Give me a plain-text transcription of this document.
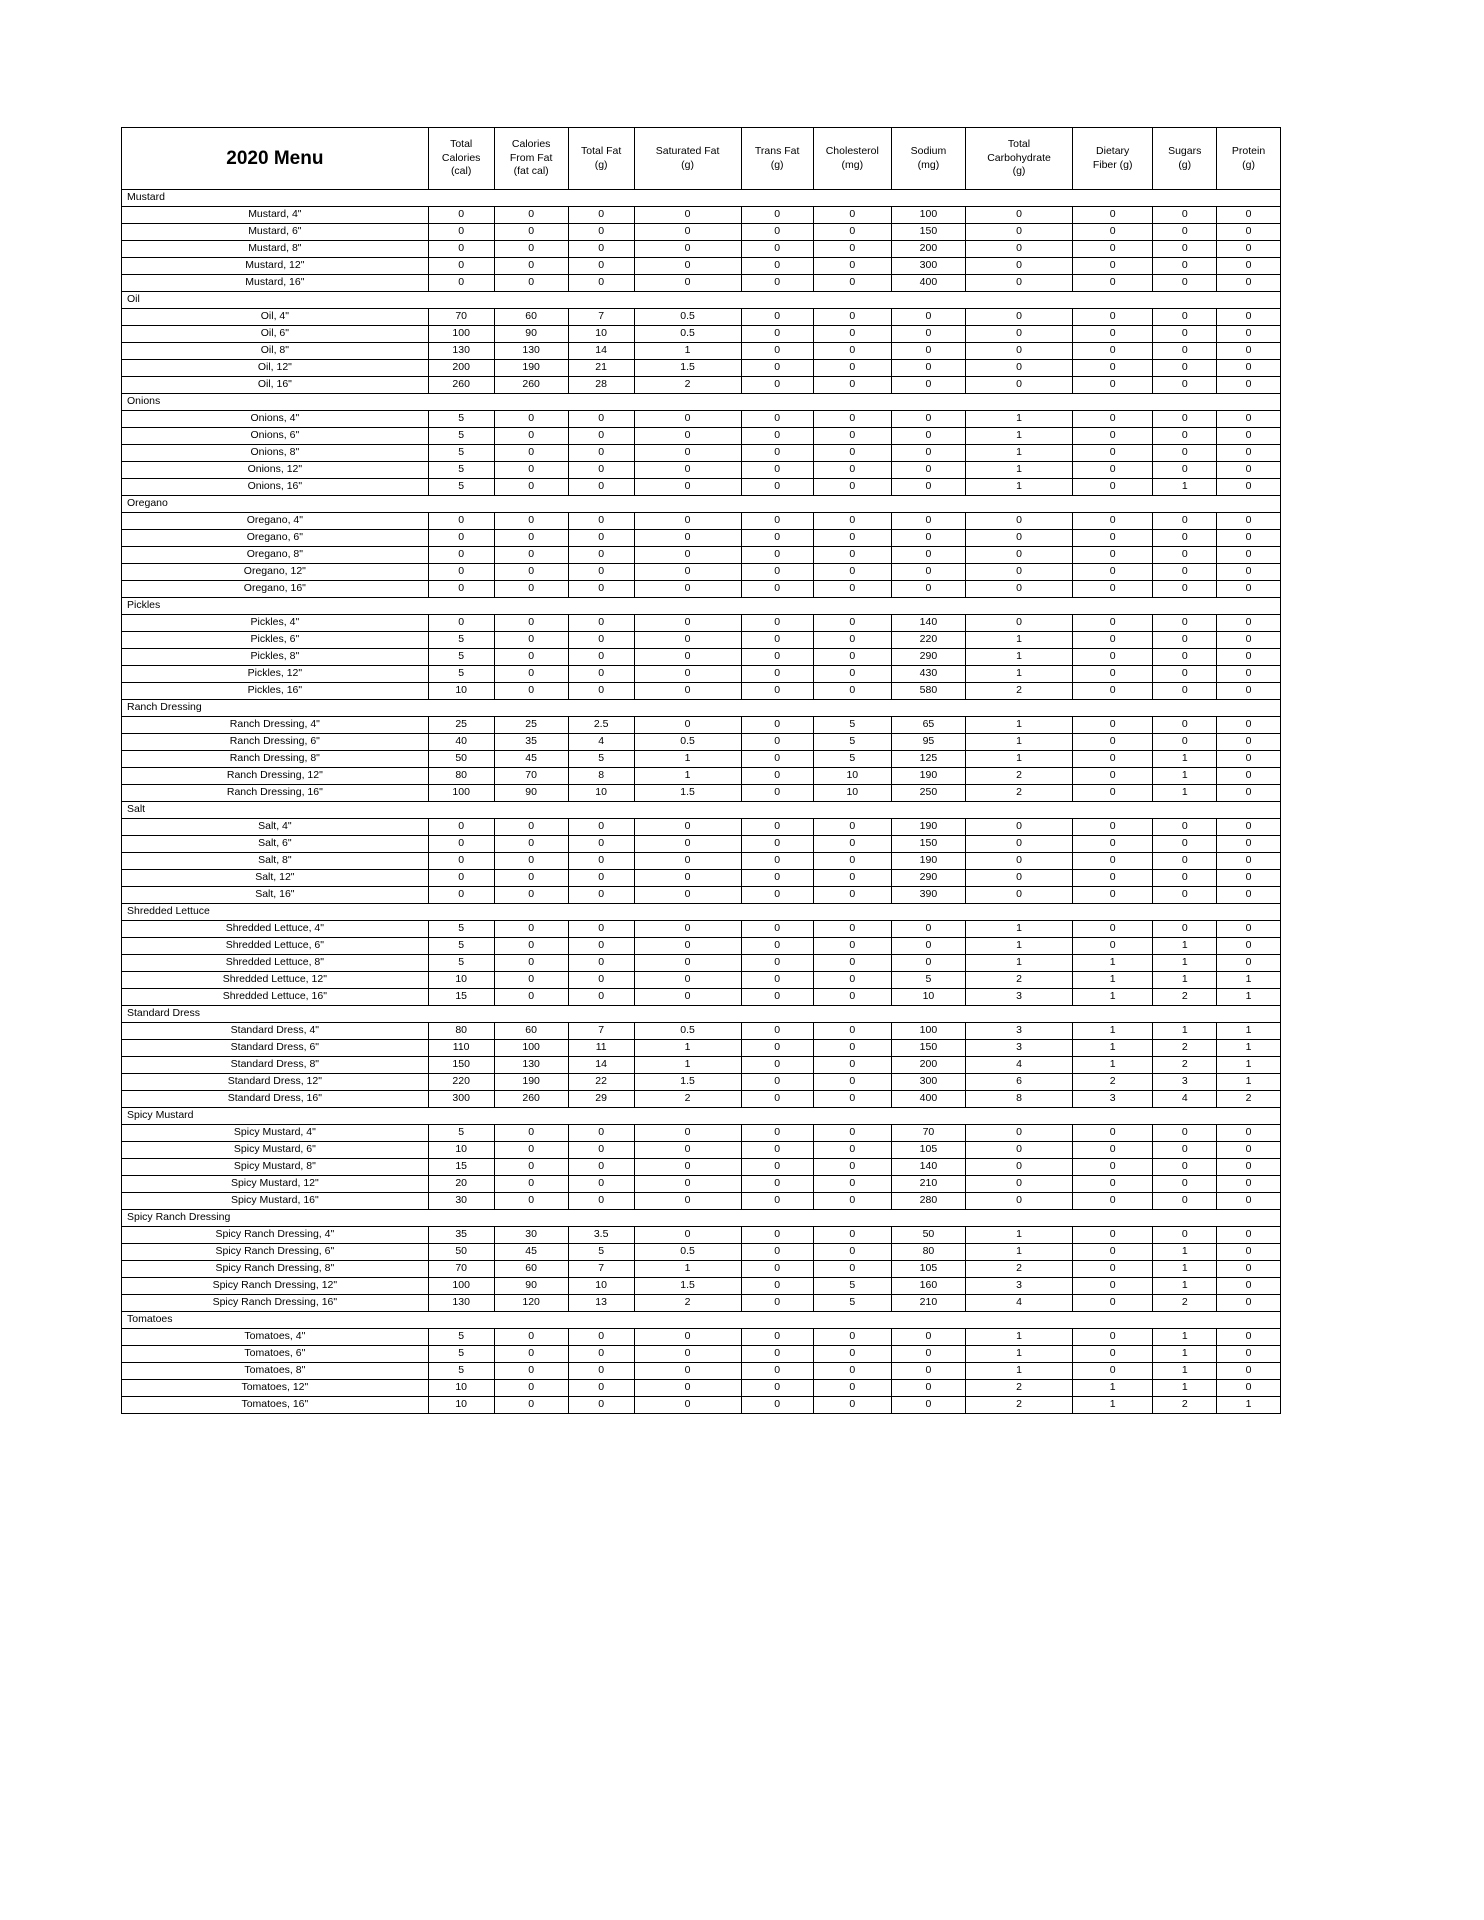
2020 Menu	Total
Calories
(cal)	Calories
From Fat
(fat cal)	Total Fat
(g)	Saturated Fat
(g)	Trans Fat
(g)	Cholesterol
(mg)	Sodium
(mg)	Total
Carbohydrate
(g)	Dietary
Fiber (g)	Sugars
(g)	Protein
(g)
Mustard											
Mustard, 4"	0	0	0	0	0	0	100	0	0	0	0
Mustard, 6"	0	0	0	0	0	0	150	0	0	0	0
Mustard, 8"	0	0	0	0	0	0	200	0	0	0	0
Mustard, 12"	0	0	0	0	0	0	300	0	0	0	0
Mustard, 16"	0	0	0	0	0	0	400	0	0	0	0
Oil											
Oil, 4"	70	60	7	0.5	0	0	0	0	0	0	0
Oil, 6"	100	90	10	0.5	0	0	0	0	0	0	0
Oil, 8"	130	130	14	1	0	0	0	0	0	0	0
Oil, 12"	200	190	21	1.5	0	0	0	0	0	0	0
Oil, 16"	260	260	28	2	0	0	0	0	0	0	0
Onions											
Onions, 4"	5	0	0	0	0	0	0	1	0	0	0
Onions, 6"	5	0	0	0	0	0	0	1	0	0	0
Onions, 8"	5	0	0	0	0	0	0	1	0	0	0
Onions, 12"	5	0	0	0	0	0	0	1	0	0	0
Onions, 16"	5	0	0	0	0	0	0	1	0	1	0
Oregano											
Oregano, 4"	0	0	0	0	0	0	0	0	0	0	0
Oregano, 6"	0	0	0	0	0	0	0	0	0	0	0
Oregano, 8"	0	0	0	0	0	0	0	0	0	0	0
Oregano, 12"	0	0	0	0	0	0	0	0	0	0	0
Oregano, 16"	0	0	0	0	0	0	0	0	0	0	0
Pickles											
Pickles, 4"	0	0	0	0	0	0	140	0	0	0	0
Pickles, 6"	5	0	0	0	0	0	220	1	0	0	0
Pickles, 8"	5	0	0	0	0	0	290	1	0	0	0
Pickles, 12"	5	0	0	0	0	0	430	1	0	0	0
Pickles, 16"	10	0	0	0	0	0	580	2	0	0	0
Ranch Dressing											
Ranch Dressing, 4"	25	25	2.5	0	0	5	65	1	0	0	0
Ranch Dressing, 6"	40	35	4	0.5	0	5	95	1	0	0	0
Ranch Dressing, 8"	50	45	5	1	0	5	125	1	0	1	0
Ranch Dressing, 12"	80	70	8	1	0	10	190	2	0	1	0
Ranch Dressing, 16"	100	90	10	1.5	0	10	250	2	0	1	0
Salt											
Salt, 4"	0	0	0	0	0	0	190	0	0	0	0
Salt, 6"	0	0	0	0	0	0	150	0	0	0	0
Salt, 8"	0	0	0	0	0	0	190	0	0	0	0
Salt, 12"	0	0	0	0	0	0	290	0	0	0	0
Salt, 16"	0	0	0	0	0	0	390	0	0	0	0
Shredded Lettuce											
Shredded Lettuce, 4"	5	0	0	0	0	0	0	1	0	0	0
Shredded Lettuce, 6"	5	0	0	0	0	0	0	1	0	1	0
Shredded Lettuce, 8"	5	0	0	0	0	0	0	1	1	1	0
Shredded Lettuce, 12"	10	0	0	0	0	0	5	2	1	1	1
Shredded Lettuce, 16"	15	0	0	0	0	0	10	3	1	2	1
Standard Dress											
Standard Dress, 4"	80	60	7	0.5	0	0	100	3	1	1	1
Standard Dress, 6"	110	100	11	1	0	0	150	3	1	2	1
Standard Dress, 8"	150	130	14	1	0	0	200	4	1	2	1
Standard Dress, 12"	220	190	22	1.5	0	0	300	6	2	3	1
Standard Dress, 16"	300	260	29	2	0	0	400	8	3	4	2
Spicy Mustard											
Spicy Mustard, 4"	5	0	0	0	0	0	70	0	0	0	0
Spicy Mustard, 6"	10	0	0	0	0	0	105	0	0	0	0
Spicy Mustard, 8"	15	0	0	0	0	0	140	0	0	0	0
Spicy Mustard, 12"	20	0	0	0	0	0	210	0	0	0	0
Spicy Mustard, 16"	30	0	0	0	0	0	280	0	0	0	0
Spicy Ranch Dressing											
Spicy Ranch Dressing, 4"	35	30	3.5	0	0	0	50	1	0	0	0
Spicy Ranch Dressing, 6"	50	45	5	0.5	0	0	80	1	0	1	0
Spicy Ranch Dressing, 8"	70	60	7	1	0	0	105	2	0	1	0
Spicy Ranch Dressing, 12"	100	90	10	1.5	0	5	160	3	0	1	0
Spicy Ranch Dressing, 16"	130	120	13	2	0	5	210	4	0	2	0
Tomatoes											
Tomatoes, 4"	5	0	0	0	0	0	0	1	0	1	0
Tomatoes, 6"	5	0	0	0	0	0	0	1	0	1	0
Tomatoes, 8"	5	0	0	0	0	0	0	1	0	1	0
Tomatoes, 12"	10	0	0	0	0	0	0	2	1	1	0
Tomatoes, 16"	10	0	0	0	0	0	0	2	1	2	1
